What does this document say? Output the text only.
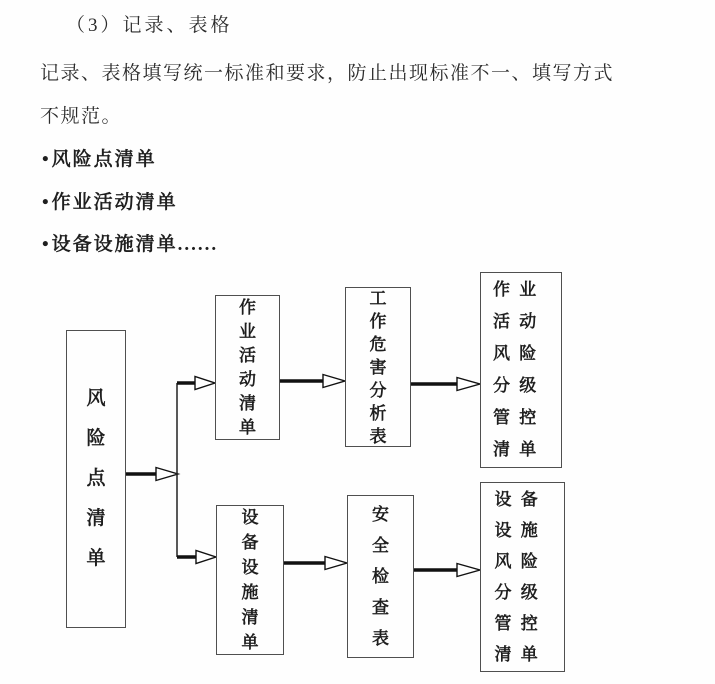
（3）记录、表格
记录、表格填写统一标准和要求，防止出现标准不一、填写方式
不规范。
•风险点清单
•作业活动清单
•设备设施清单......
风险点清单
作业活动清单
工作危害分析表
作业活动风险分级管控清单
设备设施清单
安全检查表
设备设施风险分级管控清单
